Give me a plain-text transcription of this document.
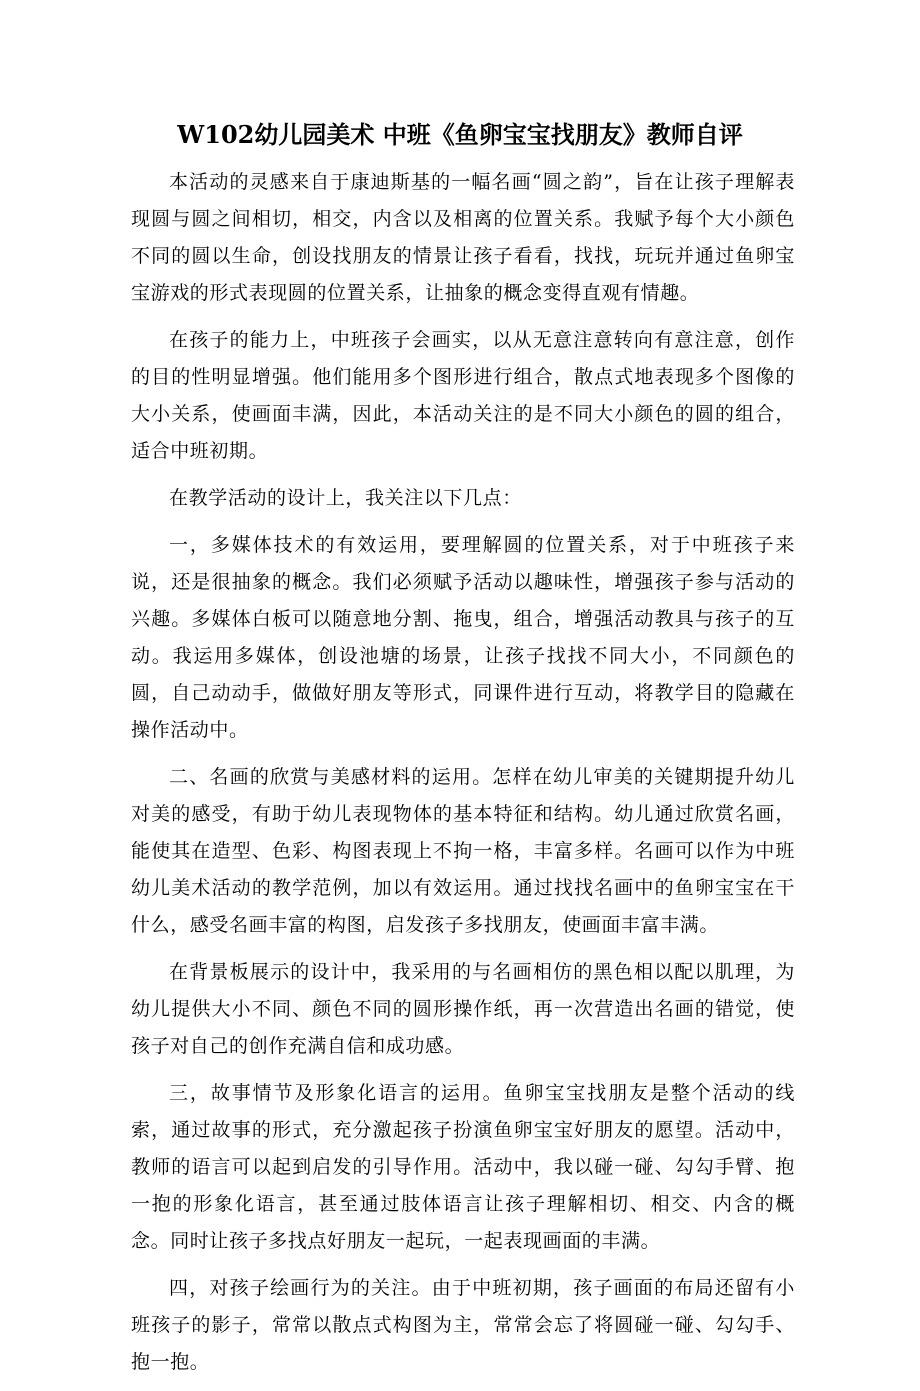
W102幼儿园美术 中班《鱼卵宝宝找朋友》教师自评

本活动的灵感来自于康迪斯基的一幅名画“圆之韵”，旨在让孩子理解表现圆与圆之间相切，相交，内含以及相离的位置关系。我赋予每个大小颜色不同的圆以生命，创设找朋友的情景让孩子看看，找找，玩玩并通过鱼卵宝宝游戏的形式表现圆的位置关系，让抽象的概念变得直观有情趣。

在孩子的能力上，中班孩子会画实，以从无意注意转向有意注意，创作的目的性明显增强。他们能用多个图形进行组合，散点式地表现多个图像的大小关系，使画面丰满，因此，本活动关注的是不同大小颜色的圆的组合，适合中班初期。

在教学活动的设计上，我关注以下几点：

一，多媒体技术的有效运用，要理解圆的位置关系，对于中班孩子来说，还是很抽象的概念。我们必须赋予活动以趣味性，增强孩子参与活动的兴趣。多媒体白板可以随意地分割、拖曳，组合，增强活动教具与孩子的互动。我运用多媒体，创设池塘的场景，让孩子找找不同大小，不同颜色的圆，自己动动手，做做好朋友等形式，同课件进行互动，将教学目的隐藏在操作活动中。

二、名画的欣赏与美感材料的运用。怎样在幼儿审美的关键期提升幼儿对美的感受，有助于幼儿表现物体的基本特征和结构。幼儿通过欣赏名画，能使其在造型、色彩、构图表现上不拘一格，丰富多样。名画可以作为中班幼儿美术活动的教学范例，加以有效运用。通过找找名画中的鱼卵宝宝在干什么，感受名画丰富的构图，启发孩子多找朋友，使画面丰富丰满。

在背景板展示的设计中，我采用的与名画相仿的黑色相以配以肌理，为幼儿提供大小不同、颜色不同的圆形操作纸，再一次营造出名画的错觉，使孩子对自己的创作充满自信和成功感。

三，故事情节及形象化语言的运用。鱼卵宝宝找朋友是整个活动的线索，通过故事的形式，充分激起孩子扮演鱼卵宝宝好朋友的愿望。活动中，教师的语言可以起到启发的引导作用。活动中，我以碰一碰、勾勾手臂、抱一抱的形象化语言，甚至通过肢体语言让孩子理解相切、相交、内含的概念。同时让孩子多找点好朋友一起玩，一起表现画面的丰满。

四，对孩子绘画行为的关注。由于中班初期，孩子画面的布局还留有小班孩子的影子，常常以散点式构图为主，常常会忘了将圆碰一碰、勾勾手、抱一抱。
